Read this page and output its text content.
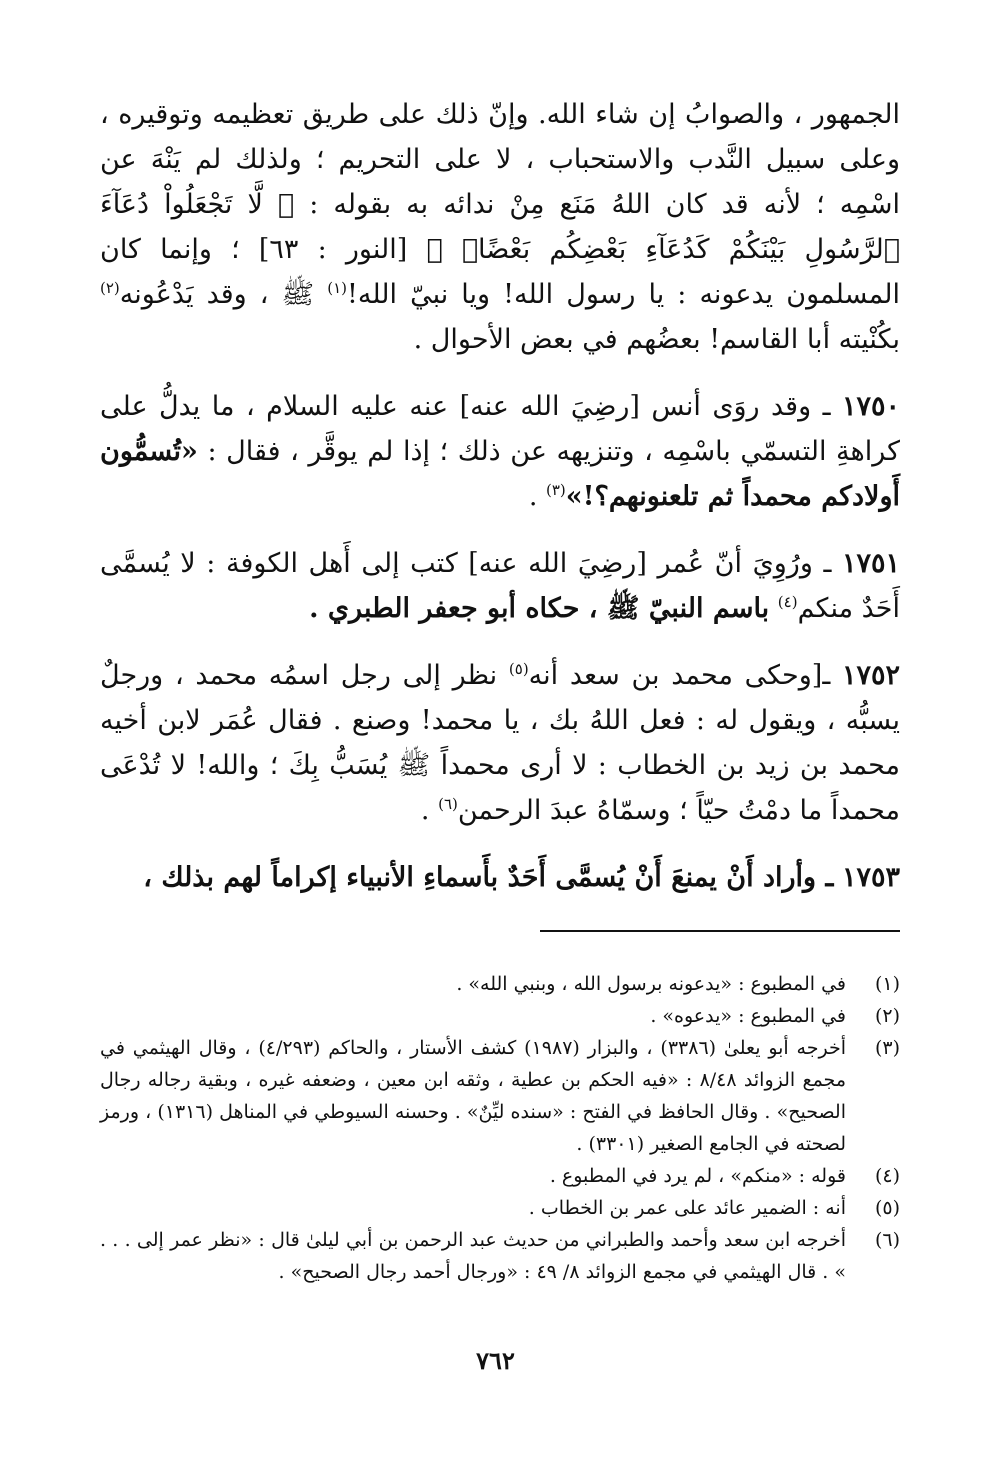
الجمهور ، والصوابُ إن شاء الله. وإنّ ذلك على طريق تعظيمه وتوقيره ، وعلى سبيل النَّدب والاستحباب ، لا على التحريم ؛ ولذلك لم يَنْهَ عن اسْمِه ؛ لأنه قد كان اللهُ مَنَع مِنْ ندائه به بقوله : ﴿ لَّا تَجْعَلُواْ دُعَآءَ ٱلرَّسُولِ بَيْنَكُمْ كَدُعَآءِ بَعْضِكُم بَعْضًاۚ ﴾ [النور : ٦٣] ؛ وإنما كان المسلمون يدعونه : يا رسول الله! ويا نبيّ الله!$^{(١)}$ ﷺ ، وقد يَدْعُونه$^{(٢)}$ بكُنْيته أبا القاسم! بعضُهم في بعض الأحوال .

١٧٥٠ ـ وقد روَى أنس [رضِيَ الله عنه] عنه عليه السلام ، ما يدلُّ على كراهةِ التسمّي باسْمِه ، وتنزيهه عن ذلك ؛ إذا لم يوقَّر ، فقال : «تُسمُّون أَولادكم محمداً ثم تلعنونهم؟!»$^{(٣)}$ .

١٧٥١ ـ ورُوِيَ أنّ عُمر [رضِيَ الله عنه] كتب إلى أَهل الكوفة : لا يُسمَّى أَحَدٌ منكم$^{(٤)}$ باسم النبيّ ﷺ ، حكاه أبو جعفر الطبري .

١٧٥٢ ـ[وحكى محمد بن سعد أنه$^{(٥)}$ نظر إلى رجل اسمُه محمد ، ورجلٌ يسبُّه ، ويقول له : فعل اللهُ بك ، يا محمد! وصنع . فقال عُمَر لابن أخيه محمد بن زيد بن الخطاب : لا أرى محمداً ﷺ يُسَبُّ بِكَ ؛ والله! لا تُدْعَى محمداً ما دمْتُ حيّاً ؛ وسمّاهُ عبدَ الرحمن$^{(٦)}$ .

١٧٥٣ ـ وأراد أَنْ يمنعَ أَنْ يُسمَّى أَحَدٌ بأَسماءِ الأنبياء إكراماً لهم بذلك ،

(١)
في المطبوع : «يدعونه برسول الله ، وبنبي الله» .
(٢)
في المطبوع : «يدعوه» .
(٣)
أخرجه أبو يعلىٰ (٣٣٨٦) ، والبزار (١٩٨٧) كشف الأستار ، والحاكم (٤/٢٩٣) ، وقال الهيثمي في مجمع الزوائد ٨/٤٨ : «فيه الحكم بن عطية ، وثقه ابن معين ، وضعفه غيره ، وبقية رجاله رجال الصحيح» . وقال الحافظ في الفتح : «سنده ليِّنٌ» . وحسنه السيوطي في المناهل (١٣١٦) ، ورمز لصحته في الجامع الصغير (٣٣٠١) .
(٤)
قوله : «منكم» ، لم يرد في المطبوع .
(٥)
أنه : الضمير عائد على عمر بن الخطاب .
(٦)
أخرجه ابن سعد وأحمد والطبراني من حديث عبد الرحمن بن أبي ليلىٰ قال : «نظر عمر إلى . . . » . قال الهيثمي في مجمع الزوائد ٨/ ٤٩ : «ورجال أحمد رجال الصحيح» .
٧٦٢
